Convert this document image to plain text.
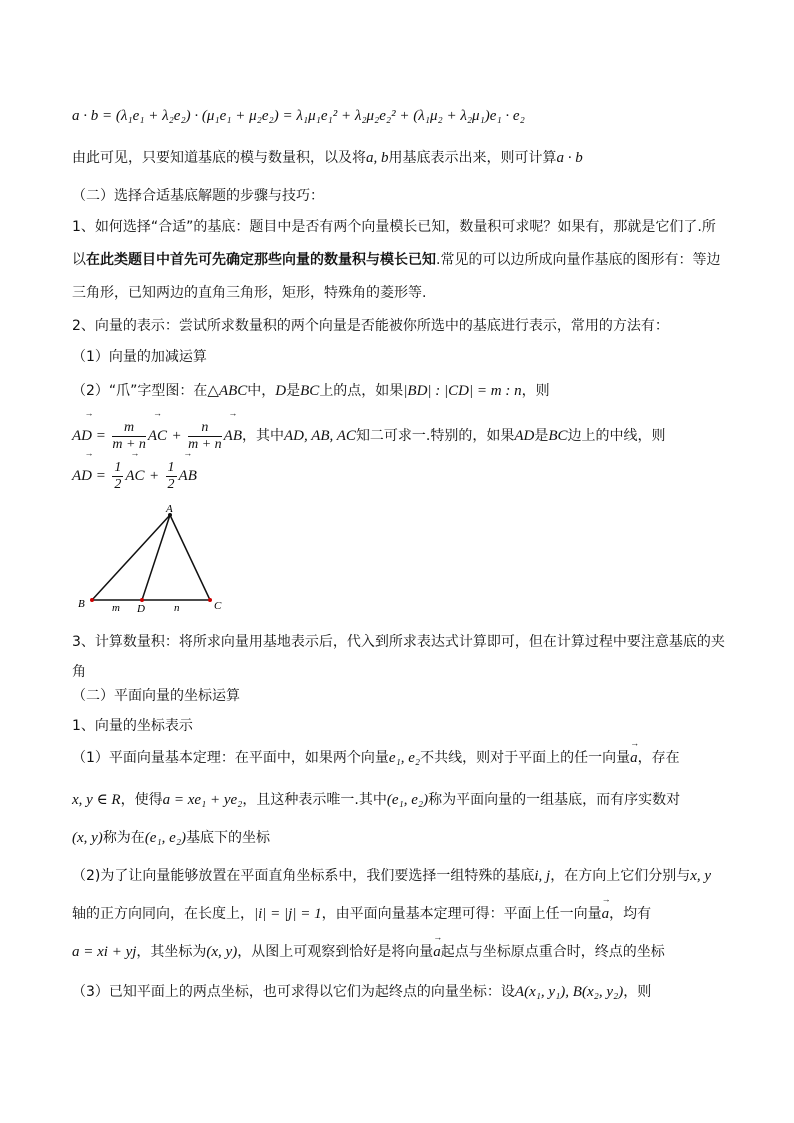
a · b = (λ₁e₁ + λ₂e₂) · (μ₁e₁ + μ₂e₂) = λ₁μ₁e₁² + λ₂μ₂e₂² + (λ₁μ₂ + λ₂μ₁)e₁ · e₂
由此可见，只要知道基底的模与数量积，以及将a, b用基底表示出来，则可计算a · b
（二）选择合适基底解题的步骤与技巧：
1、如何选择“合适”的基底：题目中是否有两个向量模长已知，数量积可求呢？如果有，那就是它们了.所
以在此类题目中首先可先确定那些向量的数量积与模长已知.常见的可以边所成向量作基底的图形有：等边
三角形，已知两边的直角三角形，矩形，特殊角的菱形等.
2、向量的表示：尝试所求数量积的两个向量是否能被你所选中的基底进行表示，常用的方法有：
（1）向量的加减运算
（2）“爪”字型图：在△ABC中，D是BC上的点，如果|BD| : |CD| = m : n，则
→ AD = $\frac{m}{m + n}$ → AC + $\frac{n}{m + n}$ → AB，其中AD, AB, AC知二可求一.特别的，如果AD是BC边上的中线，则
→ AD = $\frac{1}{2}$ → AC + $\frac{1}{2}$ → AB
A
B	C
D
m	n
3、计算数量积：将所求向量用基地表示后，代入到所求表达式计算即可，但在计算过程中要注意基底的夹
角
（二）平面向量的坐标运算
1、向量的坐标表示
（1）平面向量基本定理：在平面中，如果两个向量e₁, e₂不共线，则对于平面上的任一向量→ a，存在
x, y ∈ R，使得a = xe₁ + ye₂，且这种表示唯一.其中(e₁, e₂)称为平面向量的一组基底，而有序实数对
(x, y)称为在(e₁, e₂)基底下的坐标
（2)为了让向量能够放置在平面直角坐标系中，我们要选择一组特殊的基底i, j，在方向上它们分别与x, y
轴的正方向同向，在长度上，|i| = |j| = 1，由平面向量基本定理可得：平面上任一向量→ a，均有
a = xi + yj，其坐标为(x, y)，从图上可观察到恰好是将向量→ a起点与坐标原点重合时，终点的坐标
（3）已知平面上的两点坐标，也可求得以它们为起终点的向量坐标：设A(x₁, y₁), B(x₂, y₂)，则
